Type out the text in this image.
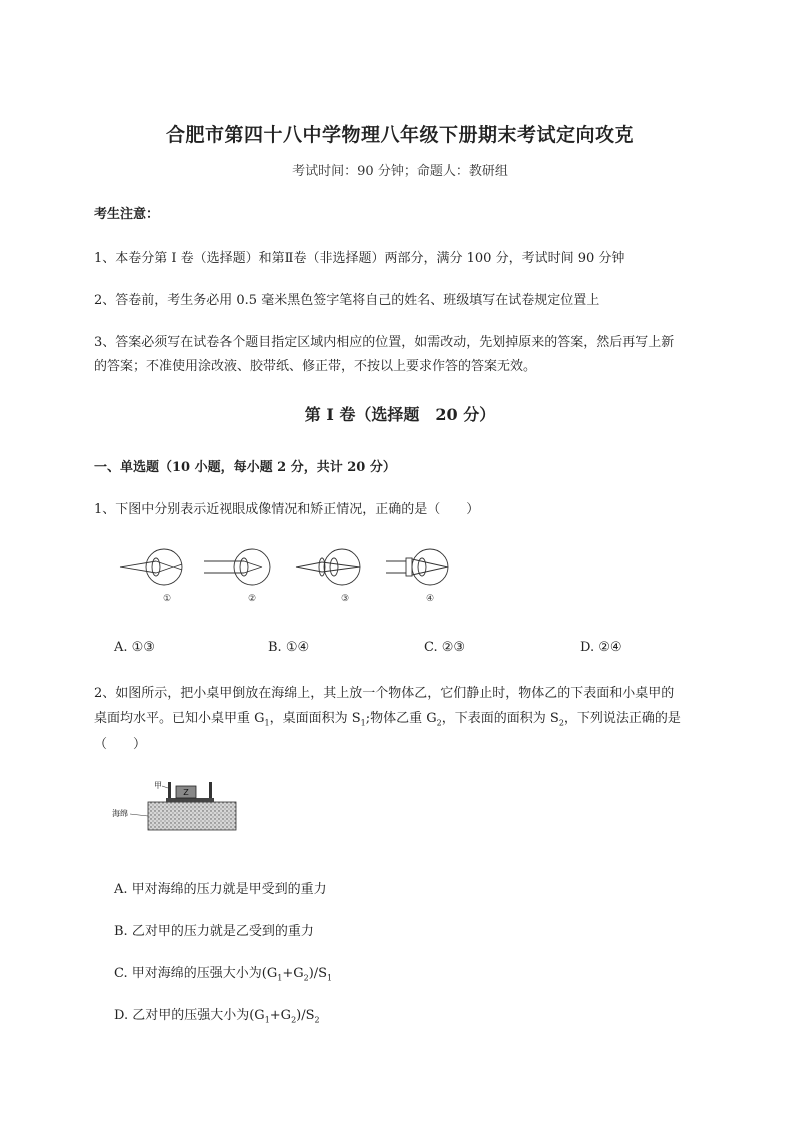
合肥市第四十八中学物理八年级下册期末考试定向攻克
考试时间：90 分钟；命题人：教研组
考生注意：
1、本卷分第 I 卷（选择题）和第Ⅱ卷（非选择题）两部分，满分 100 分，考试时间 90 分钟
2、答卷前，考生务必用 0.5 毫米黑色签字笔将自己的姓名、班级填写在试卷规定位置上
3、答案必须写在试卷各个题目指定区域内相应的位置，如需改动，先划掉原来的答案，然后再写上新
的答案；不准使用涂改液、胶带纸、修正带，不按以上要求作答的答案无效。
第 I 卷（选择题　20 分）
一、单选题（10 小题，每小题 2 分，共计 20 分）
1、下图中分别表示近视眼成像情况和矫正情况，正确的是（　　）
①	②	③	④
A. ①③	B. ①④	C. ②③	D. ②④
2、如图所示，把小桌甲倒放在海绵上，其上放一个物体乙，它们静止时，物体乙的下表面和小桌甲的
桌面均水平。已知小桌甲重 $G_1$，桌面面积为 $S_1$;物体乙重 $G_2$，下表面的面积为 $S_2$，下列说法正确的是
（　　）
Z
甲
海绵
A. 甲对海绵的压力就是甲受到的重力
B. 乙对甲的压力就是乙受到的重力
C. 甲对海绵的压强大小为$(G_1+G_2)/S_1$
D. 乙对甲的压强大小为$(G_1+G_2)/S_2$
